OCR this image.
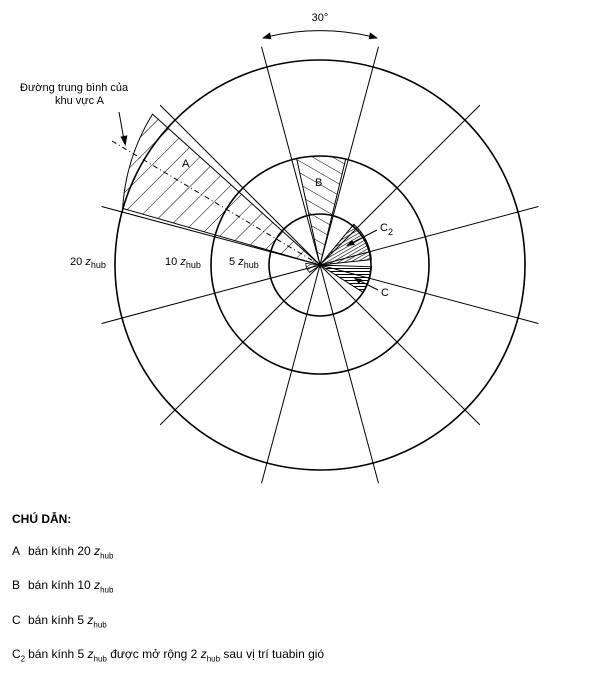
30°
Đường trung bình của
khu vực A
A
B
C
$C_2$
20 $z_{hub}$	10 $z_{hub}$	5 $z_{hub}$
CHÚ DẪN:
A bán kính 20 $z_{hub}$
B bán kính 10 $z_{hub}$
C bán kính 5 $z_{hub}$
$C_2$ bán kính 5 $z_{hub}$ được mở rộng 2 $z_{hub}$ sau vị trí tuabin gió
